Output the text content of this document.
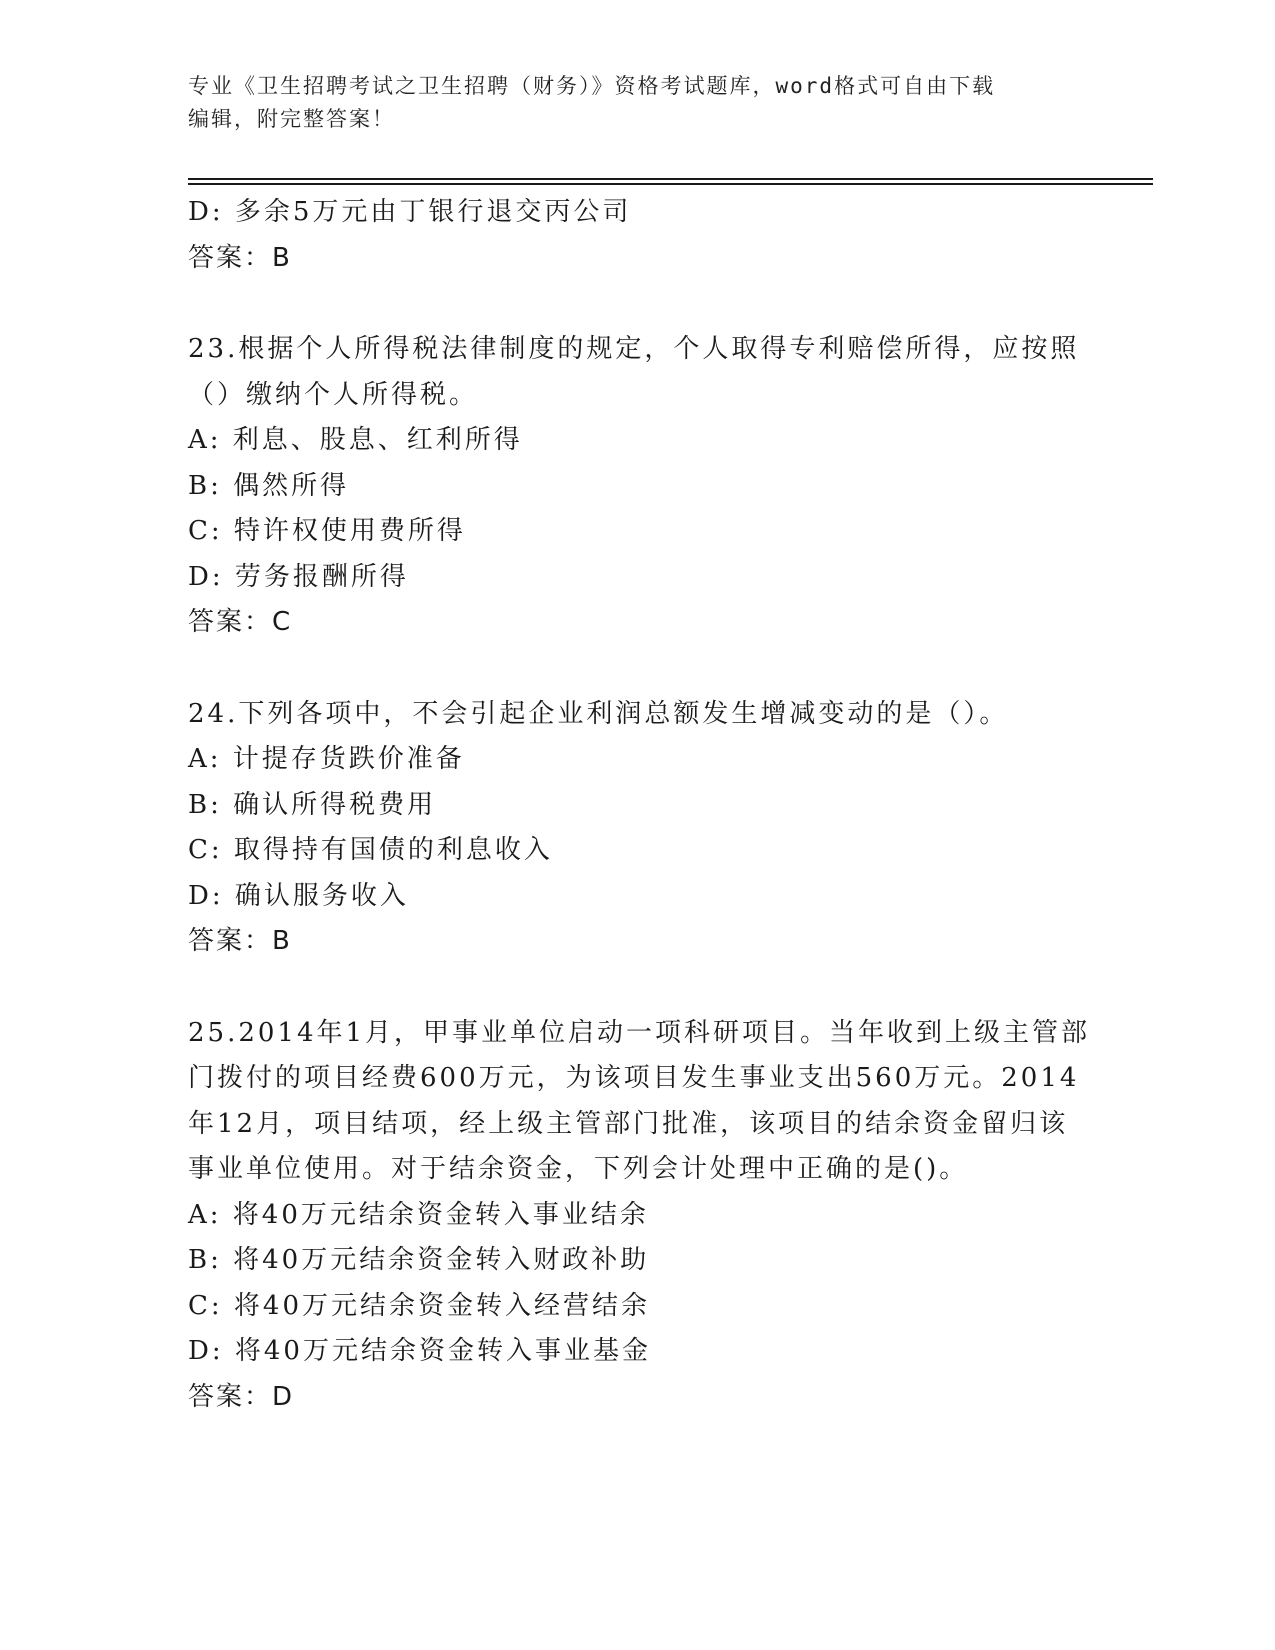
专业《卫生招聘考试之卫生招聘（财务）》资格考试题库，word格式可自由下载
编辑，附完整答案！
D: 多余5万元由丁银行退交丙公司
答案：B
23.根据个人所得税法律制度的规定，个人取得专利赔偿所得，应按照
（）缴纳个人所得税。
A: 利息、股息、红利所得
B: 偶然所得
C: 特许权使用费所得
D: 劳务报酬所得
答案：C
24.下列各项中，不会引起企业利润总额发生增减变动的是（）。
A: 计提存货跌价准备
B: 确认所得税费用
C: 取得持有国债的利息收入
D: 确认服务收入
答案：B
25.2014年1月，甲事业单位启动一项科研项目。当年收到上级主管部
门拨付的项目经费600万元，为该项目发生事业支出560万元。2014
年12月，项目结项，经上级主管部门批准，该项目的结余资金留归该
事业单位使用。对于结余资金，下列会计处理中正确的是()。
A: 将40万元结余资金转入事业结余
B: 将40万元结余资金转入财政补助
C: 将40万元结余资金转入经营结余
D: 将40万元结余资金转入事业基金
答案：D
